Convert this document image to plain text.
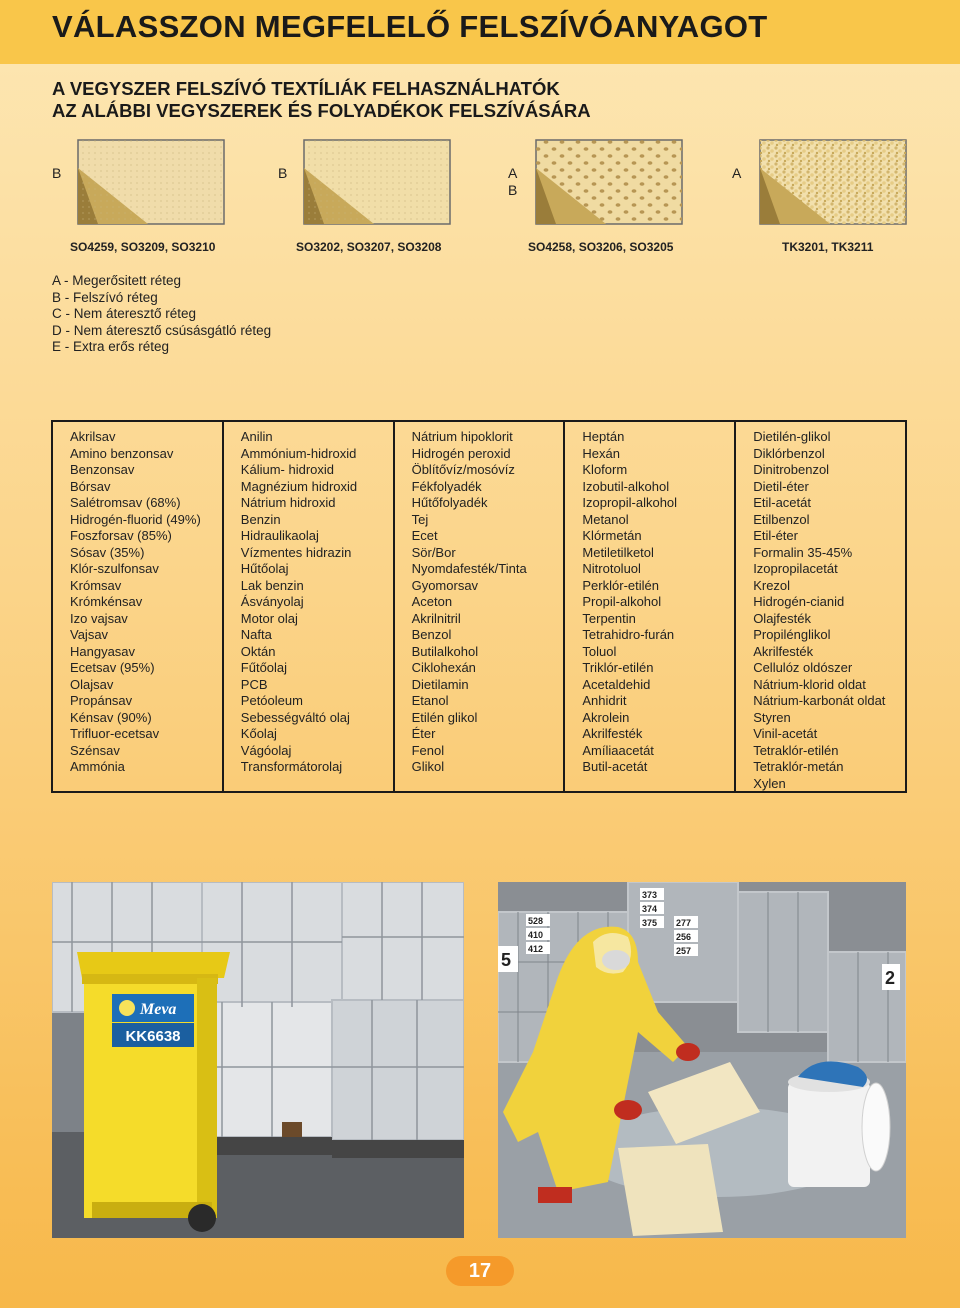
VÁLASSZON MEGFELELŐ FELSZÍVÓANYAGOT
A VEGYSZER FELSZÍVÓ TEXTÍLIÁK FELHASZNÁLHATÓK
AZ ALÁBBI VEGYSZEREK ÉS FOLYADÉKOK FELSZÍVÁSÁRA
B
SO4259, SO3209, SO3210
B
SO3202, SO3207, SO3208
A
B
SO4258, SO3206, SO3205
A
TK3201, TK3211
A - Megerősitett réteg
B - Felszívó réteg
C - Nem áteresztő réteg
D - Nem áteresztő csúsásgátló réteg
E - Extra erős réteg
Akrilsav
Amino benzonsav
Benzonsav
Bórsav
Salétromsav (68%)
Hidrogén-fluorid (49%)
Foszforsav (85%)
Sósav (35%)
Klór-szulfonsav
Krómsav
Krómkénsav
Izo vajsav
Vajsav
Hangyasav
Ecetsav (95%)
Olajsav
Propánsav
Kénsav (90%)
Trifluor-ecetsav
Szénsav
Ammónia
Anilin
Ammónium-hidroxid
Kálium- hidroxid
Magnézium hidroxid
Nátrium hidroxid
Benzin
Hidraulikaolaj
Vízmentes hidrazin
Hűtőolaj
Lak benzin
Ásványolaj
Motor olaj
Nafta
Oktán
Fűtőolaj
PCB
Petóoleum
Sebességváltó olaj
Kőolaj
Vágóolaj
Transformátorolaj
Nátrium hipoklorit
Hidrogén peroxid
Öblítővíz/mosóvíz
Fékfolyadék
Hűtőfolyadék
Tej
Ecet
Sör/Bor
Nyomdafesték/Tinta
Gyomorsav
Aceton
Akrilnitril
Benzol
Butilalkohol
Ciklohexán
Dietilamin
Etanol
Etilén glikol
Éter
Fenol
Glikol
Heptán
Hexán
Kloform
Izobutil-alkohol
Izopropil-alkohol
Metanol
Klórmetán
Metiletilketol
Nitrotoluol
Perklór-etilén
Propil-alkohol
Terpentin
Tetrahidro-furán
Toluol
Triklór-etilén
Acetaldehid
Anhidrit
Akrolein
Akrilfesték
Amíliaacetát
Butil-acetát
Dietilén-glikol
Diklórbenzol
Dinitrobenzol
Dietil-éter
Etil-acetát
Etilbenzol
Etil-éter
Formalin 35-45%
Izopropilacetát
Krezol
Hidrogén-cianid
Olajfesték
Propilénglikol
Akrilfesték
Cellulóz oldószer
Nátrium-klorid oldat
Nátrium-karbonát oldat
Styren
Vinil-acetát
Tetraklór-etilén
Tetraklór-metán
Xylen
Meva
KK6638
528
410
412
5
373
374
375 277
256
257
2
17
